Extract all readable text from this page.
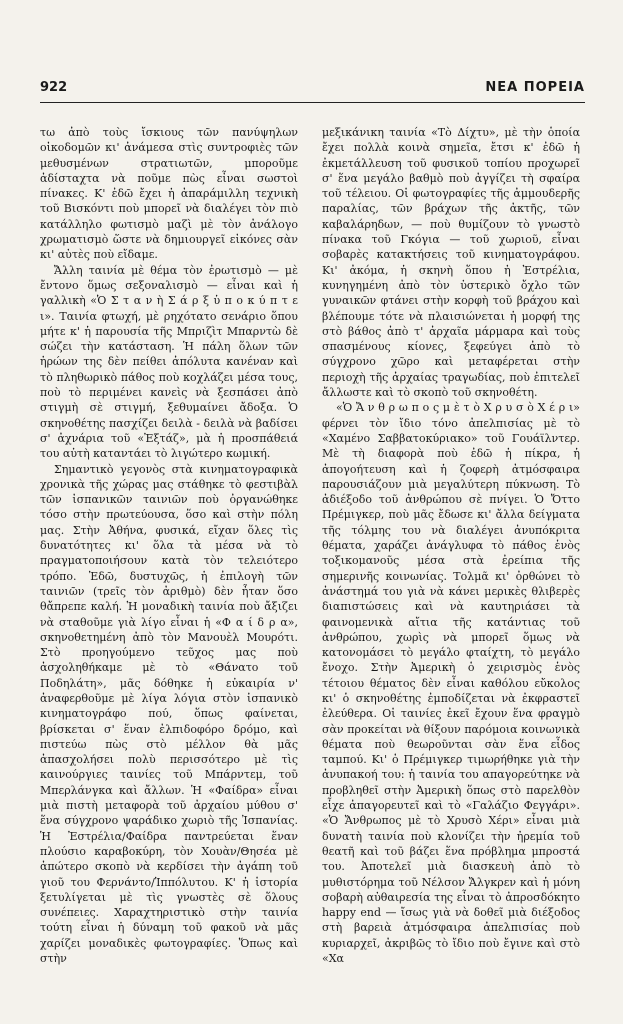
922	ΝΕΑ ΠΟΡΕΙΑ

τω ἀπὸ τοὺς ἴσκιους τῶν πανύψηλων οἰκοδομῶν κι' ἀνάμεσα στὶς συντροφιὲς τῶν μεθυσμένων στρατιωτῶν, μποροῦμε ἀδίσταχτα νὰ ποῦμε πὼς εἶναι σωστοὶ πίνακες. Κ' ἐδῶ ἔχει ἡ ἀπαράμιλλη τεχνικὴ τοῦ Βισκόντι ποὺ μπορεῖ νὰ διαλέγει τὸν πιὸ κατάλληλο φωτισμὸ μαζὶ μὲ τὸν ἀνάλογο χρωματισμὸ ὥστε νὰ δημιουργεῖ εἰκόνες σὰν κι' αὐτὲς ποὺ εἴδαμε.

Ἄλλη ταινία μὲ θέμα τὸν ἐρωτισμὸ — μὲ ἔντονο ὅμως σεξοναλισμὸ — εἶναι καὶ ἡ γαλλικὴ «Ὁ Σ τ α ν ὴ Σ ά ρ ξ ὑ π ο κ ύ π τ ε ι». Ταινία φτωχή, μὲ ρηχότατο σενάριο ὅπου μήτε κ' ἡ παρουσία τῆς Μπριζὶτ Μπαρντὼ δὲ σώζει τὴν κατάσταση. Ἡ πάλη ὅλων τῶν ἡρώων της δὲν πείθει ἀπόλυτα κανέναν καὶ τὸ πληθωρικὸ πάθος ποὺ κοχλάζει μέσα τους, ποὺ τὸ περιμένει κανεὶς νὰ ξεσπάσει ἀπὸ στιγμὴ σὲ στιγμή, ξεθυμαίνει ἄδοξα. Ὁ σκηνοθέτης πασχίζει δειλὰ - δειλὰ νὰ βαδίσει σ' ἀχνάρια τοῦ «Ἐξτάζ», μὰ ἡ προσπάθειά του αὐτὴ καταντάει τὸ λιγώτερο κωμική.

Σημαντικὸ γεγονὸς στὰ κινηματογραφικὰ χρονικὰ τῆς χώρας μας στάθηκε τὸ φεστιβὰλ τῶν ἰσπανικῶν ταινιῶν ποὺ ὀργανώθηκε τόσο στὴν πρωτεύουσα, ὅσο καὶ στὴν πόλη μας. Στὴν Ἀθήνα, φυσικά, εἴχαν ὅλες τὶς δυνατότητες κι' ὅλα τὰ μέσα νὰ τὸ πραγματοποιήσουν κατὰ τὸν τελειότερο τρόπο. Ἐδῶ, δυστυχῶς, ἡ ἐπιλογὴ τῶν ταινιῶν (τρεῖς τὸν ἀριθμὸ) δὲν ἦταν ὅσο θἄπρεπε καλή. Ἡ μοναδικὴ ταινία ποὺ ἄξιζει νὰ σταθοῦμε γιὰ λίγο εἶναι ἡ «Φ α ί δ ρ α», σκηνοθετημένη ἀπὸ τὸν Μανουὲλ Μουρότι. Στὸ προηγούμενο τεῦχος μας ποὺ ἀσχοληθήκαμε μὲ τὸ «Θάνατο τοῦ Ποδηλάτη», μᾶς δόθηκε ἡ εὐκαιρία ν' ἀναφερθοῦμε μὲ λίγα λόγια στὸν ἰσπανικὸ κινηματογράφο πού, ὅπως φαίνεται, βρίσκεται σ' ἕναν ἐλπιδοφόρο δρόμο, καὶ πιστεύω πὼς στὸ μέλλον θὰ μᾶς ἀπασχολήσει πολὺ περισσότερο μὲ τὶς καινούργιες ταινίες τοῦ Μπάρντεμ, τοῦ Μπερλάνγκα καὶ ἄλλων. Ἡ «Φαίδρα» εἶναι μιὰ πιστὴ μεταφορὰ τοῦ ἀρχαίου μύθου σ' ἕνα σύγχρονο ψαράδικο χωριὸ τῆς Ἰσπανίας. Ἡ Ἐστρέλια/Φαίδρα παντρεύεται ἕναν πλούσιο καραβοκύρη, τὸν Χουὰν/Θησέα μὲ ἀπώτερο σκοπὸ νὰ κερδίσει τὴν ἀγάπη τοῦ γιοῦ του Φερνάντο/Ἱππόλυτου. Κ' ἡ ἱστορία ξετυλίγεται μὲ τὶς γνωστὲς σὲ ὅλους συνέπειες. Χαραχτηριστικὸ στὴν ταινία τούτη εἶναι ἡ δύναμη τοῦ φακοῦ νὰ μᾶς χαρίζει μοναδικὲς φωτογραφίες. Ὅπως καὶ στὴν

μεξικάνικη ταινία «Τὸ Δίχτυ», μὲ τὴν ὁποία ἔχει πολλὰ κοινὰ σημεῖα, ἔτσι κ' ἐδῶ ἡ ἐκμετάλλευση τοῦ φυσικοῦ τοπίου προχωρεῖ σ' ἕνα μεγάλο βαθμὸ ποὺ ἀγγίζει τὴ σφαίρα τοῦ τέλειου. Οἱ φωτογραφίες τῆς ἀμμουδερῆς παραλίας, τῶν βράχων τῆς ἀκτῆς, τῶν καβαλάρηδων, — ποὺ θυμίζουν τὸ γνωστὸ πίνακα τοῦ Γκόγια — τοῦ χωριοῦ, εἶναι σοβαρὲς κατακτήσεις τοῦ κινηματογράφου. Κι' ἀκόμα, ἡ σκηνὴ ὅπου ἡ Ἐστρέλια, κυνηγημένη ἀπὸ τὸν ὑστερικὸ ὄχλο τῶν γυναικῶν φτάνει στὴν κορφὴ τοῦ βράχου καὶ βλέπουμε τότε νὰ πλαισιώνεται ἡ μορφή της στὸ βάθος ἀπὸ τ' ἀρχαῖα μάρμαρα καὶ τοὺς σπασμένους κίονες, ξεφεύγει ἀπὸ τὸ σύγχρονο χῶρο καὶ μεταφέρεται στὴν περιοχὴ τῆς ἀρχαίας τραγωδίας, ποὺ ἐπιτελεῖ ἄλλωστε καὶ τὸ σκοπὸ τοῦ σκηνοθέτη.

«Ὁ Ἄ ν θ ρ ω π ο ς μ ὲ τ ὸ Χ ρ υ σ ὸ Χ έ ρ ι» φέρνει τὸν ἴδιο τόνο ἀπελπισίας μὲ τὸ «Χαμένο Σαββατοκύριακο» τοῦ Γουάϊλντερ. Μὲ τὴ διαφορὰ ποὺ ἐδῶ ἡ πίκρα, ἡ ἀπογοήτευση καὶ ἡ ζοφερὴ ἀτμόσφαιρα παρουσιάζουν μιὰ μεγαλύτερη πύκνωση. Τὸ ἀδιέξοδο τοῦ ἀνθρώπου σὲ πνίγει. Ὁ Ὄττο Πρέμιγκερ, ποὺ μᾶς ἔδωσε κι' ἄλλα δείγματα τῆς τόλμης του νὰ διαλέγει ἀνυπόκριτα θέματα, χαράζει ἀνάγλυφα τὸ πάθος ἑνὸς τοξικομανοῦς μέσα στὰ ἐρείπια τῆς σημερινῆς κοινωνίας. Τολμᾶ κι' ὀρθώνει τὸ ἀνάστημά του γιὰ νὰ κάνει μερικὲς θλιβερὲς διαπιστώσεις καὶ νὰ καυτηριάσει τὰ φαινομενικὰ αἴτια τῆς κατάντιας τοῦ ἀνθρώπου, χωρὶς νὰ μπορεῖ ὅμως νὰ κατονομάσει τὸ μεγάλο φταίχτη, τὸ μεγάλο ἔνοχο. Στὴν Ἀμερικὴ ὁ χειρισμὸς ἑνὸς τέτοιου θέματος δὲν εἶναι καθόλου εὔκολος κι' ὁ σκηνοθέτης ἐμποδίζεται νὰ ἐκφραστεῖ ἐλεύθερα. Οἱ ταινίες ἐκεῖ ἔχουν ἕνα φραγμὸ σὰν προκείται νὰ θίξουν παρόμοια κοινωνικὰ θέματα ποὺ θεωροῦνται σὰν ἕνα εἶδος ταμπού. Κι' ὁ Πρέμιγκερ τιμωρήθηκε γιὰ τὴν ἀνυπακοή του: ἡ ταινία του απαγορεύτηκε νὰ προβληθεῖ στὴν Ἀμερικὴ ὅπως στὸ παρελθὸν εἶχε ἀπαγορευτεῖ καὶ τὸ «Γαλάζιο Φεγγάρι». «Ὁ Ἄνθρωπος μὲ τὸ Χρυσὸ Χέρι» εἶναι μιὰ δυνατὴ ταινία ποὺ κλονίζει τὴν ἠρεμία τοῦ θεατῆ καὶ τοῦ βάζει ἕνα πρόβλημα μπροστά του. Ἀποτελεῖ μιὰ διασκευὴ ἀπὸ τὸ μυθιστόρημα τοῦ Νέλσον Ἄλγκρεν καὶ ἡ μόνη σοβαρὴ αὐθαιρεσία της εἶναι τὸ ἀπροσδόκητο happy end — ἴσως γιὰ νὰ δοθεῖ μιὰ διέξοδος στὴ βαρειὰ ἀτμόσφαιρα ἀπελπισίας ποὺ κυριαρχεῖ, ἀκριβῶς τὸ ἴδιο ποὺ ἔγινε καὶ στὸ «Χα
